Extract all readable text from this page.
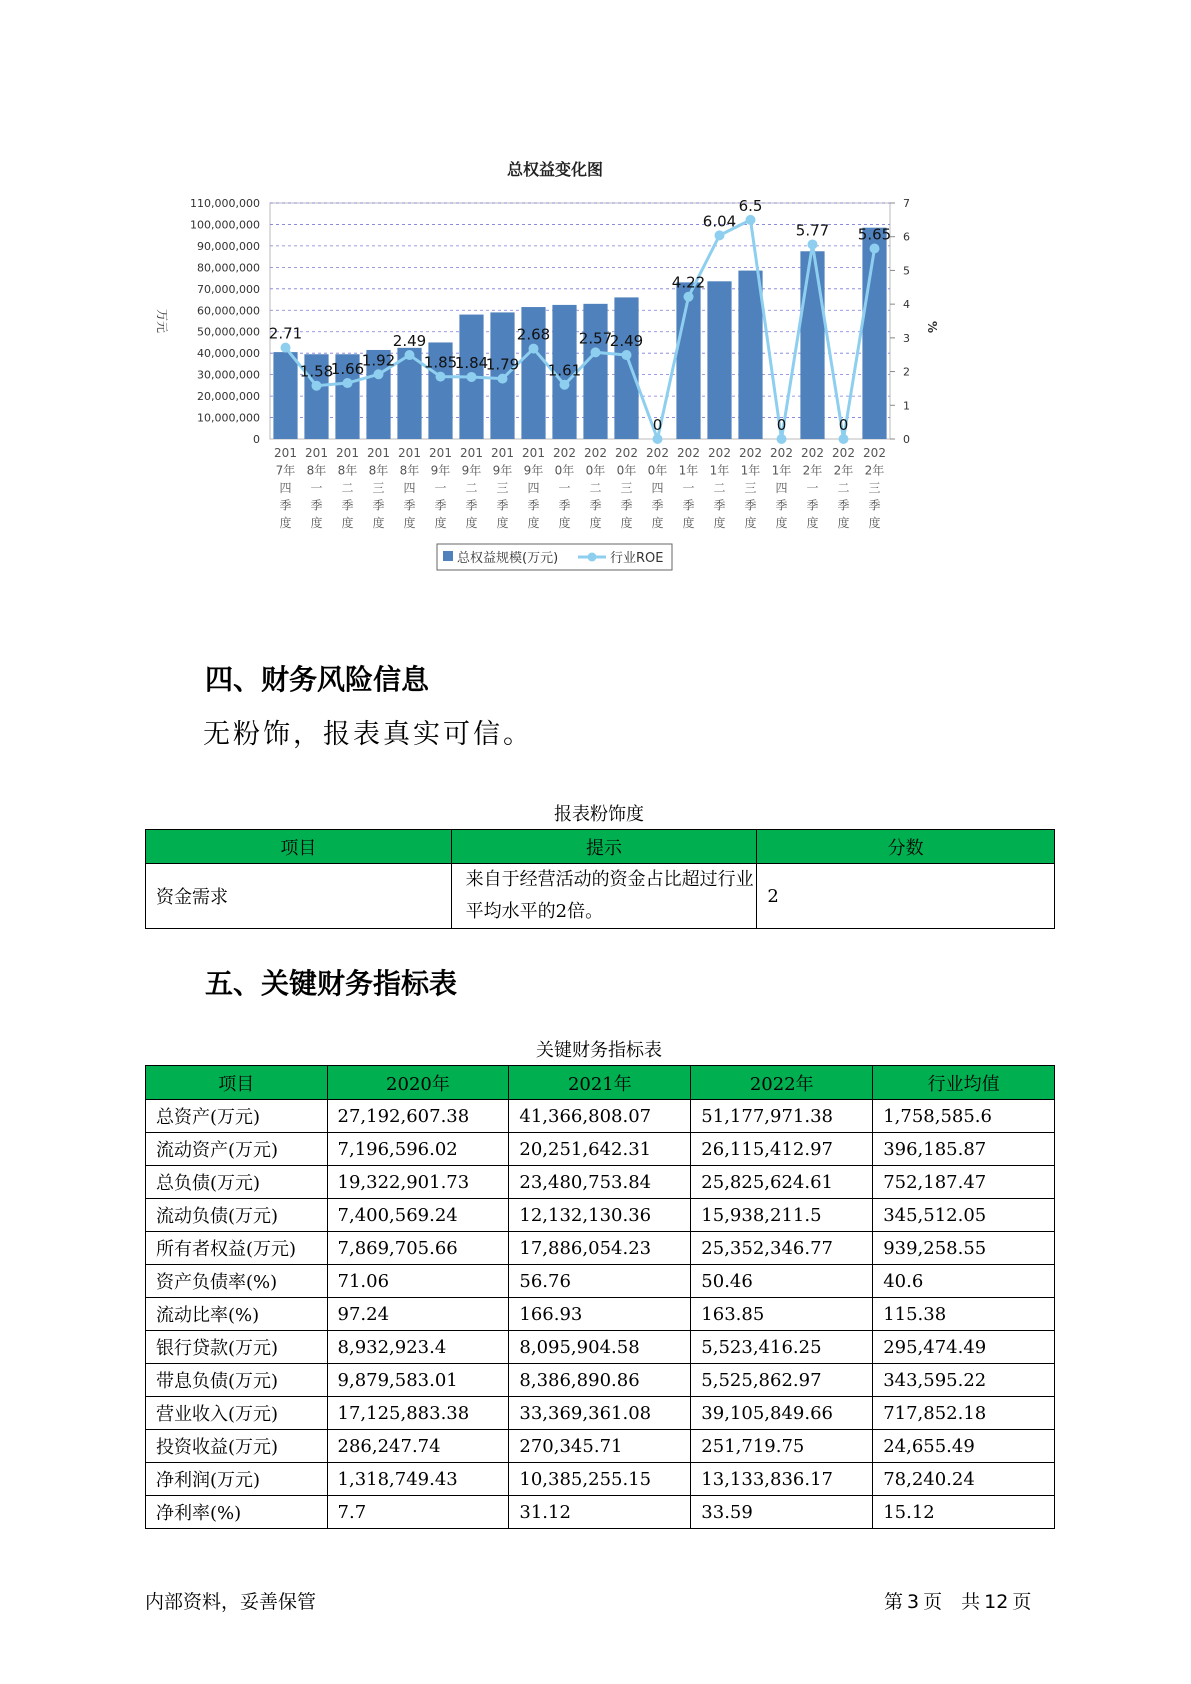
总权益变化图
0
10,000,000
20,000,000
30,000,000
40,000,000
50,000,000
60,000,000
70,000,000
80,000,000
90,000,000
100,000,000
110,000,000
0
1
2
3
4
5
6
7
万元	%
2.71
1.58
1.66
1.92
2.49
1.85
1.84
1.79
2.68
1.61
2.57
2.49
0
4.22
6.04
6.5
0
5.77
0
5.65
201 7年四季度
201 8年一季度
201 8年二季度
201 8年三季度
201 8年四季度
201 9年一季度
201 9年二季度
201 9年三季度
201 9年四季度
202 0年一季度
202 0年二季度
202 0年三季度
202 0年四季度
202 1年一季度
202 1年二季度
202 1年三季度
202 1年四季度
202 2年一季度
202 2年二季度
202 2年三季度
总权益规模(万元)	行业ROE
四、财务风险信息

无粉饰，报表真实可信。

报表粉饰度
项目	提示	分数
资金需求	来自于经营活动的资金占比超过行业平均水平的2倍。	2
五、关键财务指标表
关键财务指标表
项目	2020年	2021年	2022年	行业均值
总资产(万元)	27,192,607.38	41,366,808.07	51,177,971.38	1,758,585.6
流动资产(万元)	7,196,596.02	20,251,642.31	26,115,412.97	396,185.87
总负债(万元)	19,322,901.73	23,480,753.84	25,825,624.61	752,187.47
流动负债(万元)	7,400,569.24	12,132,130.36	15,938,211.5	345,512.05
所有者权益(万元)	7,869,705.66	17,886,054.23	25,352,346.77	939,258.55
资产负债率(%)	71.06	56.76	50.46	40.6
流动比率(%)	97.24	166.93	163.85	115.38
银行贷款(万元)	8,932,923.4	8,095,904.58	5,523,416.25	295,474.49
带息负债(万元)	9,879,583.01	8,386,890.86	5,525,862.97	343,595.22
营业收入(万元)	17,125,883.38	33,369,361.08	39,105,849.66	717,852.18
投资收益(万元)	286,247.74	270,345.71	251,719.75	24,655.49
净利润(万元)	1,318,749.43	10,385,255.15	13,133,836.17	78,240.24
净利率(%)	7.7	31.12	33.59	15.12
内部资料，妥善保管	第 3 页　共 12 页
